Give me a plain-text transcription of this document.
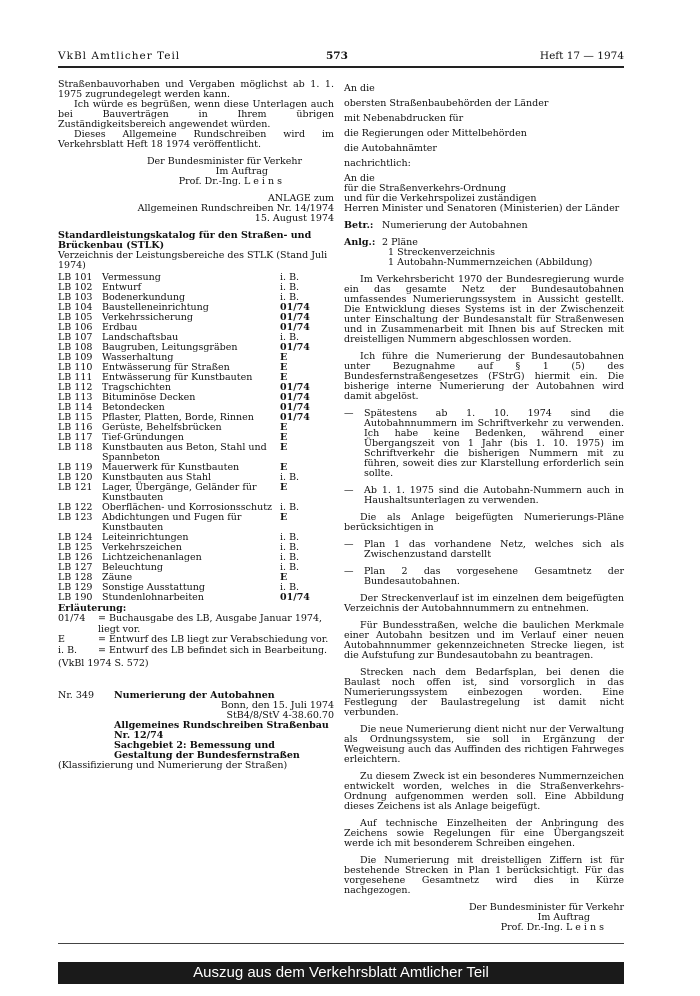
VkBl Amtlicher Teil	573	Heft 17 — 1974

Straßenbauvorhaben und Vergaben möglichst ab 1. 1. 1975 zugrundegelegt werden kann.

Ich würde es begrüßen, wenn diese Unterlagen auch bei Bauverträgen in Ihrem übrigen Zuständigkeitsbereich angewendet würden.

Dieses Allgemeine Rundschreiben wird im Verkehrsblatt Heft 18 1974 veröffentlicht.

Der Bundesminister für Verkehr

Im Auftrag

Prof. Dr.-Ing. L e i n s

ANLAGE zum

Allgemeinen Rundschreiben Nr. 14/1974

15. August 1974

Standardleistungskatalog für den Straßen- und Brückenbau (STLK)

Verzeichnis der Leistungsbereiche des STLK (Stand Juli 1974)

LB 101	Vermessung	i. B.
LB 102	Entwurf	i. B.
LB 103	Bodenerkundung	i. B.
LB 104	Baustelleneinrichtung	01/74
LB 105	Verkehrssicherung	01/74
LB 106	Erdbau	01/74
LB 107	Landschaftsbau	i. B.
LB 108	Baugruben, Leitungsgräben	01/74
LB 109	Wasserhaltung	E
LB 110	Entwässerung für Straßen	E
LB 111	Entwässerung für Kunstbauten	E
LB 112	Tragschichten	01/74
LB 113	Bituminöse Decken	01/74
LB 114	Betondecken	01/74
LB 115	Pflaster, Platten, Borde, Rinnen	01/74
LB 116	Gerüste, Behelfsbrücken	E
LB 117	Tief-Gründungen	E
LB 118	Kunstbauten aus Beton, Stahl und Spannbeton	E
LB 119	Mauerwerk für Kunstbauten	E
LB 120	Kunstbauten aus Stahl	i. B.
LB 121	Lager, Übergänge, Geländer für Kunstbauten	E
LB 122	Oberflächen- und Korrosionsschutz	i. B.
LB 123	Abdichtungen und Fugen für Kunstbauten	E
LB 124	Leiteinrichtungen	i. B.
LB 125	Verkehrszeichen	i. B.
LB 126	Lichtzeichenanlagen	i. B.
LB 127	Beleuchtung	i. B.
LB 128	Zäune	E
LB 129	Sonstige Ausstattung	i. B.
LB 190	Stundenlohnarbeiten	01/74

Erläuterung:

01/74	= Buchausgabe des LB, Ausgabe Januar 1974, liegt vor.
E	= Entwurf des LB liegt zur Verabschiedung vor.
i. B.	= Entwurf des LB befindet sich in Bearbeitung.

(VkBl 1974 S. 572)

Nr. 349	Numerierung der Autobahnen

Bonn, den 15. Juli 1974

StB4/8/StV 4-38.60.70

Allgemeines Rundschreiben Straßenbau

Nr. 12/74

Sachgebiet 2: Bemessung und Gestaltung der Bundesfernstraßen

(Klassifizierung und Numerierung der Straßen)

An die

obersten Straßenbaubehörden der Länder

mit Nebenabdrucken für

die Regierungen oder Mittelbehörden

die Autobahnämter

nachrichtlich:

An die

für die Straßenverkehrs-Ordnung

und für die Verkehrspolizei zuständigen

Herren Minister und Senatoren (Ministerien) der Länder

Betr.: Numerierung der Autobahnen
Anlg.: 2 Pläne

1 Streckenverzeichnis

1 Autobahn-Nummernzeichen (Abbildung)

Im Verkehrsbericht 1970 der Bundesregierung wurde ein das gesamte Netz der Bundesautobahnen umfassendes Numerierungssystem in Aussicht gestellt. Die Entwicklung dieses Systems ist in der Zwischenzeit unter Einschaltung der Bundesanstalt für Straßenwesen und in Zusammenarbeit mit Ihnen bis auf Strecken mit dreistelligen Nummern abgeschlossen worden.

Ich führe die Numerierung der Bundesautobahnen unter Bezugnahme auf § 1 (5) des Bundesfernstraßengesetzes (FStrG) hiermit ein. Die bisherige interne Numerierung der Autobahnen wird damit abgelöst.

—	Spätestens ab 1. 10. 1974 sind die Autobahnnummern im Schriftverkehr zu verwenden. Ich habe keine Bedenken, während einer Übergangszeit von 1 Jahr (bis 1. 10. 1975) im Schriftverkehr die bisherigen Nummern mit zu führen, soweit dies zur Klarstellung erforderlich sein sollte.
—	Ab 1. 1. 1975 sind die Autobahn-Nummern auch in Haushaltsunterlagen zu verwenden.

Die als Anlage beigefügten Numerierungs-Pläne berücksichtigen in

—	Plan 1 das vorhandene Netz, welches sich als Zwischenzustand darstellt
—	Plan 2 das vorgesehene Gesamtnetz der Bundesautobahnen.

Der Streckenverlauf ist im einzelnen dem beigefügten Verzeichnis der Autobahnnummern zu entnehmen.

Für Bundesstraßen, welche die baulichen Merkmale einer Autobahn besitzen und im Verlauf einer neuen Autobahnnummer gekennzeichneten Strecke liegen, ist die Aufstufung zur Bundesautobahn zu beantragen.

Strecken nach dem Bedarfsplan, bei denen die Baulast noch offen ist, sind vorsorglich in das Numerierungssystem einbezogen worden. Eine Festlegung der Baulastregelung ist damit nicht verbunden.

Die neue Numerierung dient nicht nur der Verwaltung als Ordnungssystem, sie soll in Ergänzung der Wegweisung auch das Auffinden des richtigen Fahrweges erleichtern.

Zu diesem Zweck ist ein besonderes Nummernzeichen entwickelt worden, welches in die Straßenverkehrs-Ordnung aufgenommen werden soll. Eine Abbildung dieses Zeichens ist als Anlage beigefügt.

Auf technische Einzelheiten der Anbringung des Zeichens sowie Regelungen für eine Übergangszeit werde ich mit besonderem Schreiben eingehen.

Die Numerierung mit dreistelligen Ziffern ist für bestehende Strecken in Plan 1 berücksichtigt. Für das vorgesehene Gesamtnetz wird dies in Kürze nachgezogen.

Der Bundesminister für Verkehr

Im Auftrag

Prof. Dr.-Ing. L e i n s

Auszug aus dem Verkehrsblatt Amtlicher Teil
